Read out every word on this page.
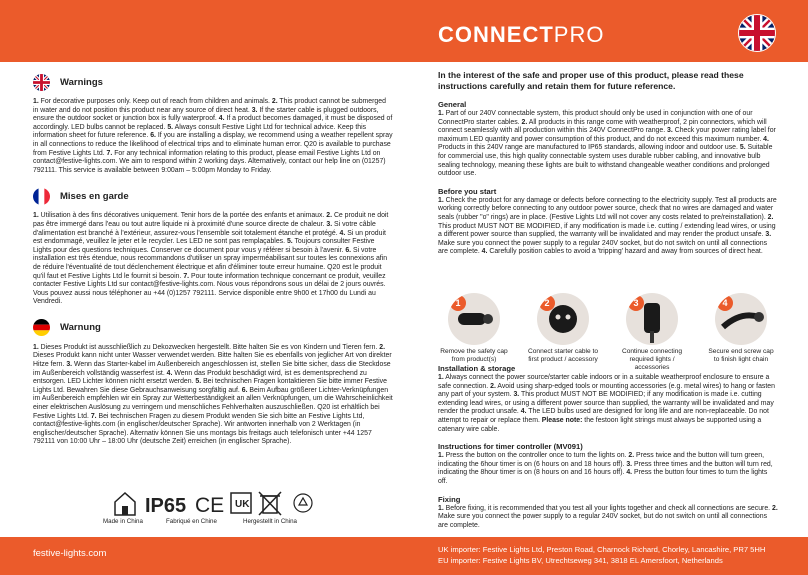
CONNECTPRO
Warnings

1. For decorative purposes only. Keep out of reach from children and animals. 2. This product cannot be submerged in water and do not position this product near any source of direct heat. 3. If the starter cable is plugged outdoors, ensure the outdoor socket or junction box is fully waterproof. 4. If a product becomes damaged, it must be disposed of accordingly. LED bulbs cannot be replaced. 5. Always consult Festive Light Ltd for technical advice. Keep this information sheet for future reference. 6. If you are installing a display, we recommend using a weather repellent spray in all connections to reduce the likelihood of electrical trips and to eliminate human error. Q20 is available to purchase from Festive Lights Ltd. 7. For any technical information relating to this product, please email Festive Lights Ltd on contact@festive-lights.com. We aim to respond within 2 working days. Alternatively, contact our help line on (01257) 792111. This service is available between 9:00am – 5:00pm Monday to Friday.

Mises en garde

1. Utilisation à des fins décoratives uniquement. Tenir hors de la portée des enfants et animaux. 2. Ce produit ne doit pas être immergé dans l'eau ou tout autre liquide ni à proximité d'une source directe de chaleur. 3. Si votre câble d'alimentation est branché à l'extérieur, assurez-vous l'ensemble soit totalement étanche et protégé. 4. Si un produit est endommagé, veuillez le jeter et le recycler. Les LED ne sont pas remplaçables. 5. Toujours consulter Festive Lights pour des questions techniques. Conserver ce document pour vous y référer si besoin à l'avenir. 6. Si votre installation est très étendue, nous recommandons d'utiliser un spray imperméabilisant sur toutes les connexions afin de réduire l'éventualité de tout déclenchement électrique et afin d'éliminer toute erreur humaine. Q20 est le produit qu'il faut et Festive Lights Ltd le fournit si besoin. 7. Pour toute information technique concernant ce produit, veuillez contacter Festive Lights Ltd sur contact@festive-lights.com. Nous vous répondrons sous un délai de 2 jours ouvrés. Vous pouvez aussi nous téléphoner au +44 (0)1257 792111. Service disponible entre 9h00 et 17h00 du Lundi au Vendredi.

Warnung

1. Dieses Produkt ist ausschließlich zu Dekozwecken hergestellt. Bitte halten Sie es von Kindern und Tieren fern. 2. Dieses Produkt kann nicht unter Wasser verwendet werden. Bitte halten Sie es ebenfalls von jeglicher Art von direkter Hitze fern. 3. Wenn das Starter-kabel im Außenbereich angeschlossen ist, stellen Sie bitte sicher, dass die Steckdose im Außenbereich vollständig wasserfest ist. 4. Wenn das Produkt beschädigt wird, ist es dementsprechend zu entsorgen. LED Lichter können nicht ersetzt werden. 5. Bei technischen Fragen kontaktieren Sie bitte immer Festive Lights Ltd. Bewahren Sie diese Gebrauchsanweisung sorgfältig auf. 6. Beim Aufbau größerer Lichter-Verknüpfungen im Außenbereich empfehlen wir ein Spray zur Wetterbeständigkeit an allen Verknüpfungen, um die Wahrscheinlichkeit einer elektrischen Auslösung zu verringern und menschliches Fehlverhalten auszuschließen. Q20 ist erhältlich bei Festive Lights Ltd. 7. Bei technischen Fragen zu diesem Produkt wenden Sie sich bitte an Festive Lights Ltd, contact@festive-lights.com (in englischer/deutscher Sprache). Wir antworten innerhalb von 2 Werktagen (in englischer/deutscher Sprache). Alternativ können Sie uns montags bis freitags auch telefonisch unter +44 1257 792111 von 10:00 Uhr – 18:00 Uhr (deutsche Zeit) erreichen (in englischer Sprache).

IP65 CE UK
Made in China	Fabriqué en Chine	Hergestellt in China

In the interest of the safe and proper use of this product, please read these instructions carefully and retain them for future reference.

General

1. Part of our 240V connectable system, this product should only be used in conjunction with one of our ConnectPro starter cables. 2. All products in this range come with weatherproof, 2 pin connectors, which will connect seamlessly with all production within this 240V ConnectPro range. 3. Check your power rating label for maximum LED quantity and power consumption of this product, and do not exceed this maximum number. 4. Products in this 240V range are manufactured to IP65 standards, allowing indoor and outdoor use. 5. Suitable for commercial use, this high quality connectable system uses durable rubber cabling, and innovative bulb sealing technology, meaning these lights are built to withstand changeable weather conditions and prolonged outdoor use.

Before you start

1. Check the product for any damage or defects before connecting to the electricity supply. Test all products are working correctly before connecting to any outdoor power source, check that no wires are damaged and water seals (rubber "o" rings) are in place. (Festive Lights Ltd will not cover any costs related to pre/reinstallation). 2. This product MUST NOT BE MODIFIED, if any modification is made i.e. cutting / extending lead wires, or using a different power source than supplied, the warranty will be invalidated and may render the product unsafe. 3. Make sure you connect the power supply to a regular 240V socket, but do not switch on until all connections are complete. 4. Carefully position cables to avoid a 'tripping' hazard and away from sources of direct heat.

1
Remove the safety cap from product(s)
2
Connect starter cable to first product / accessory
3
Continue connecting required lights / accessories
4
Secure end screw cap to finish light chain
Installation & storage

1. Always connect the power source/starter cable indoors or in a suitable weatherproof enclosure to ensure a safe connection. 2. Avoid using sharp-edged tools or mounting accessories (e.g. metal wires) to hang or fasten any part of your system. 3. This product MUST NOT BE MODIFIED; if any modification is made i.e. cutting extending lead wires, or using a different power source than supplied, the warranty will be invalidated and may render the product unsafe. 4. The LED bulbs used are designed for long life and are non-replaceable. Do not attempt to repair or replace them. Please note: the festoon light strings must always be supported using a catenary wire cable.

Instructions for timer controller (MV091)

1. Press the button on the controller once to turn the lights on. 2. Press twice and the button will turn green, indicating the 6hour timer is on (6 hours on and 18 hours off). 3. Press three times and the button will turn red, indicating the 8hour timer is on (8 hours on and 16 hours off). 4. Press the button four times to turn the lights off.

Fixing

1. Before fixing, it is recommended that you test all your lights together and check all connections are secure. 2. Make sure you connect the power supply to a regular 240V socket, but do not switch on until all connections are complete.

festive-lights.com	UK importer: Festive Lights Ltd, Preston Road, Charnock Richard, Chorley, Lancashire, PR7 5HH
EU importer: Festive Lights BV, Utrechtseweg 341, 3818 EL Amersfoort, Netherlands
